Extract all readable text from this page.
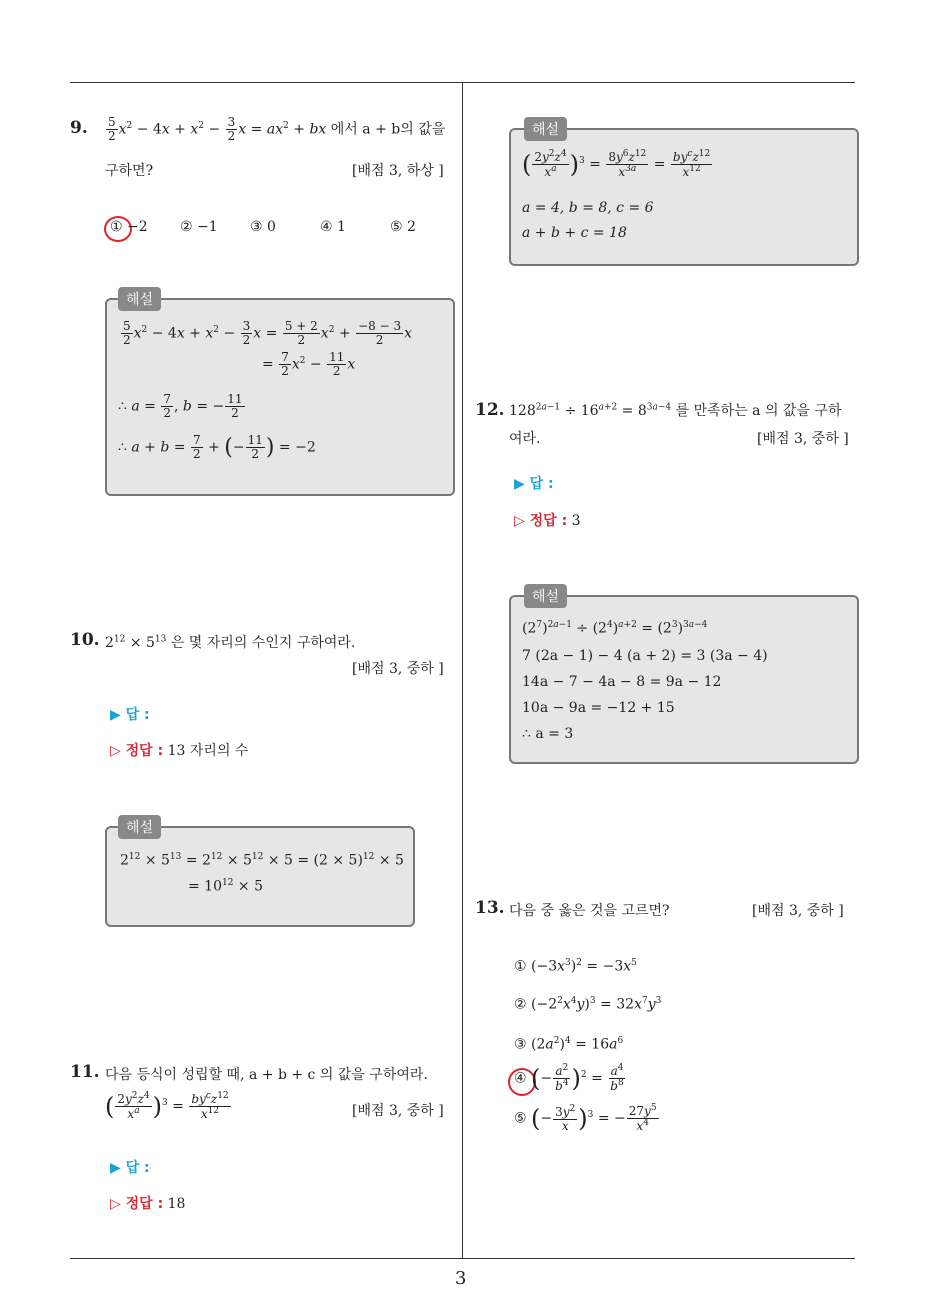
3
9. $\frac{5}{2} x^2 - 4x + x^2 - \frac{3}{2}$ $x = ax^2$ + bx 에서 a + b의 값을
구하면?	[배점 3, 하상 ]
① −2 ② −1 ③ 0	④ 1	⑤ 2
해설
$\frac{5}{2} x^2 - 4x + x^2 - \frac{3}{2}$ $x = \frac{5 + 2}{2} x^2 + \frac{-8 - 3}{2}$ x
= $\frac{7}{2} x^2 - \frac{11}{2}$ x
∴ $a = \frac{7}{2}$ , b = − $\frac{11}{2}$
∴ $a + b = \frac{7}{2}$ + (− $\frac{11}{2}$ ) = −2
10. $2^{12} \times 5^{13}$ 은 몇 자리의 수인지 구하여라.
[배점 3, 중하 ]
▶ 답 :
▷ 정답 : 13 자리의 수
해설
$2^{12} \times 5^{13} = 2^{12} \times 5^{12} \times 5 = (2 \times 5)^{12} \times 5$
= $10^{12} \times 5$
11. 다음 등식이 성립할 때, a + b + c 의 값을 구하여라.
( $\frac{2y^2z^4}{x^a} )^3 = \frac{by^cz^{12}}{x^{12}}$	[배점 3, 중하 ]
▶ 답 :
▷ 정답 : 18
해설
( $\frac{2y^2z^4}{x^a} )^3 = \frac{8y^6z^{12}}{x^{3a}} = \frac{by^cz^{12}}{x^{12}}$
a = 4, b = 8, c = 6
a + b + c = 18
12. $128^{2a-1} \div 16^{a+2} = 8^{3a-4}$ 를 만족하는 a 의 값을 구하
여라.	[배점 3, 중하 ]
▶ 답 :
▷ 정답 : 3
해설
$(2^7)^{2a-1} \div (2^4)^{a+2} = (2^3)^{3a-4}$
7 (2a − 1) − 4 (a + 2) = 3 (3a − 4)
14a − 7 − 4a − 8 = 9a − 12
10a − 9a = −12 + 15
∴ a = 3
13. 다음 중 옳은 것을 고르면?	[배점 3, 중하 ]
① $(-3x^3)^2 = -3x^5$
② $(-2^2x^4y)^3 = 32x^7y^3$
③ $(2a^2)^4 = 16a^6$
④ (− $\frac{a^2}{b^4} )^2 = \frac{a^4}{b^8}$
⑤ (− $\frac{3y^2}{x} )^3$ = − $\frac{27y^5}{x^4}$
